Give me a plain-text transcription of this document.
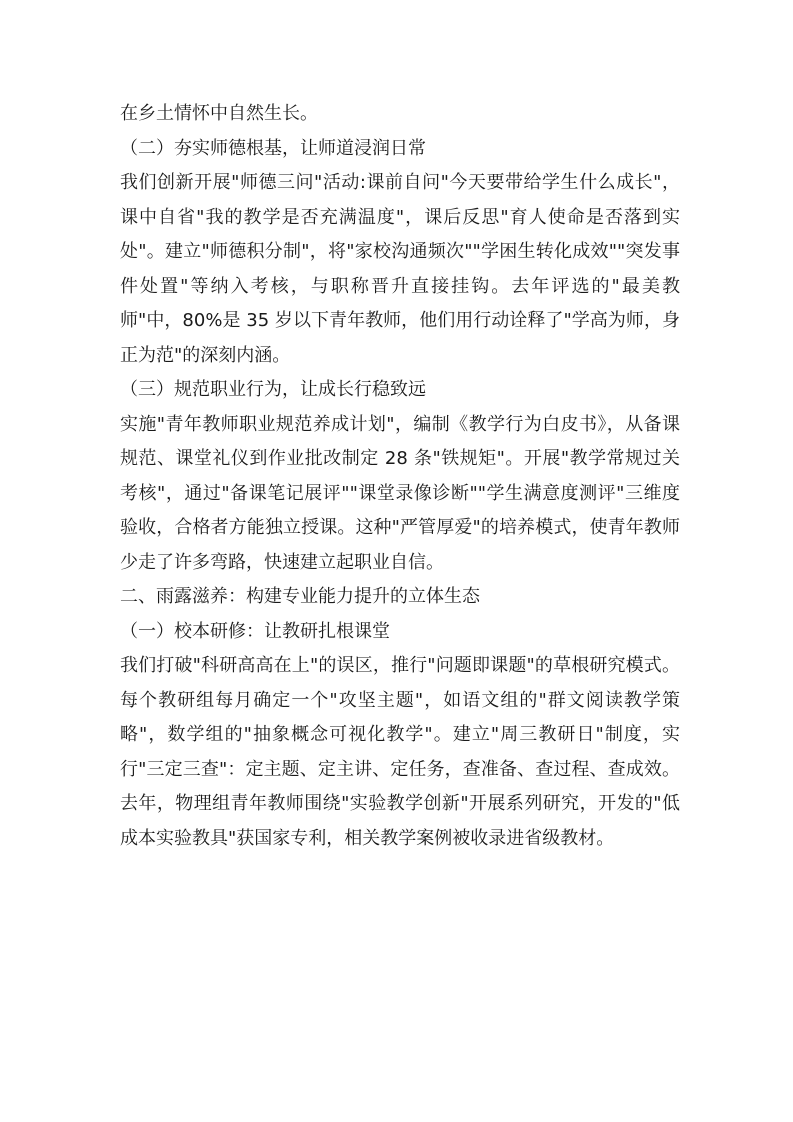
在乡土情怀中自然生长。

（二）夯实师德根基，让师道浸润日常

我们创新开展"师德三问"活动:课前自问"今天要带给学生什么成长"，课中自省"我的教学是否充满温度"，课后反思"育人使命是否落到实处"。建立"师德积分制"，将"家校沟通频次""学困生转化成效""突发事件处置"等纳入考核，与职称晋升直接挂钩。去年评选的"最美教师"中，80%是 35 岁以下青年教师，他们用行动诠释了"学高为师，身正为范"的深刻内涵。

（三）规范职业行为，让成长行稳致远

实施"青年教师职业规范养成计划"，编制《教学行为白皮书》，从备课规范、课堂礼仪到作业批改制定 28 条"铁规矩"。开展"教学常规过关考核"，通过"备课笔记展评""课堂录像诊断""学生满意度测评"三维度验收，合格者方能独立授课。这种"严管厚爱"的培养模式，使青年教师少走了许多弯路，快速建立起职业自信。

二、雨露滋养：构建专业能力提升的立体生态

（一）校本研修：让教研扎根课堂

我们打破"科研高高在上"的误区，推行"问题即课题"的草根研究模式。每个教研组每月确定一个"攻坚主题"，如语文组的"群文阅读教学策略"，数学组的"抽象概念可视化教学"。建立"周三教研日"制度，实行"三定三查"：定主题、定主讲、定任务，查准备、查过程、查成效。去年，物理组青年教师围绕"实验教学创新"开展系列研究，开发的"低成本实验教具"获国家专利，相关教学案例被收录进省级教材。
